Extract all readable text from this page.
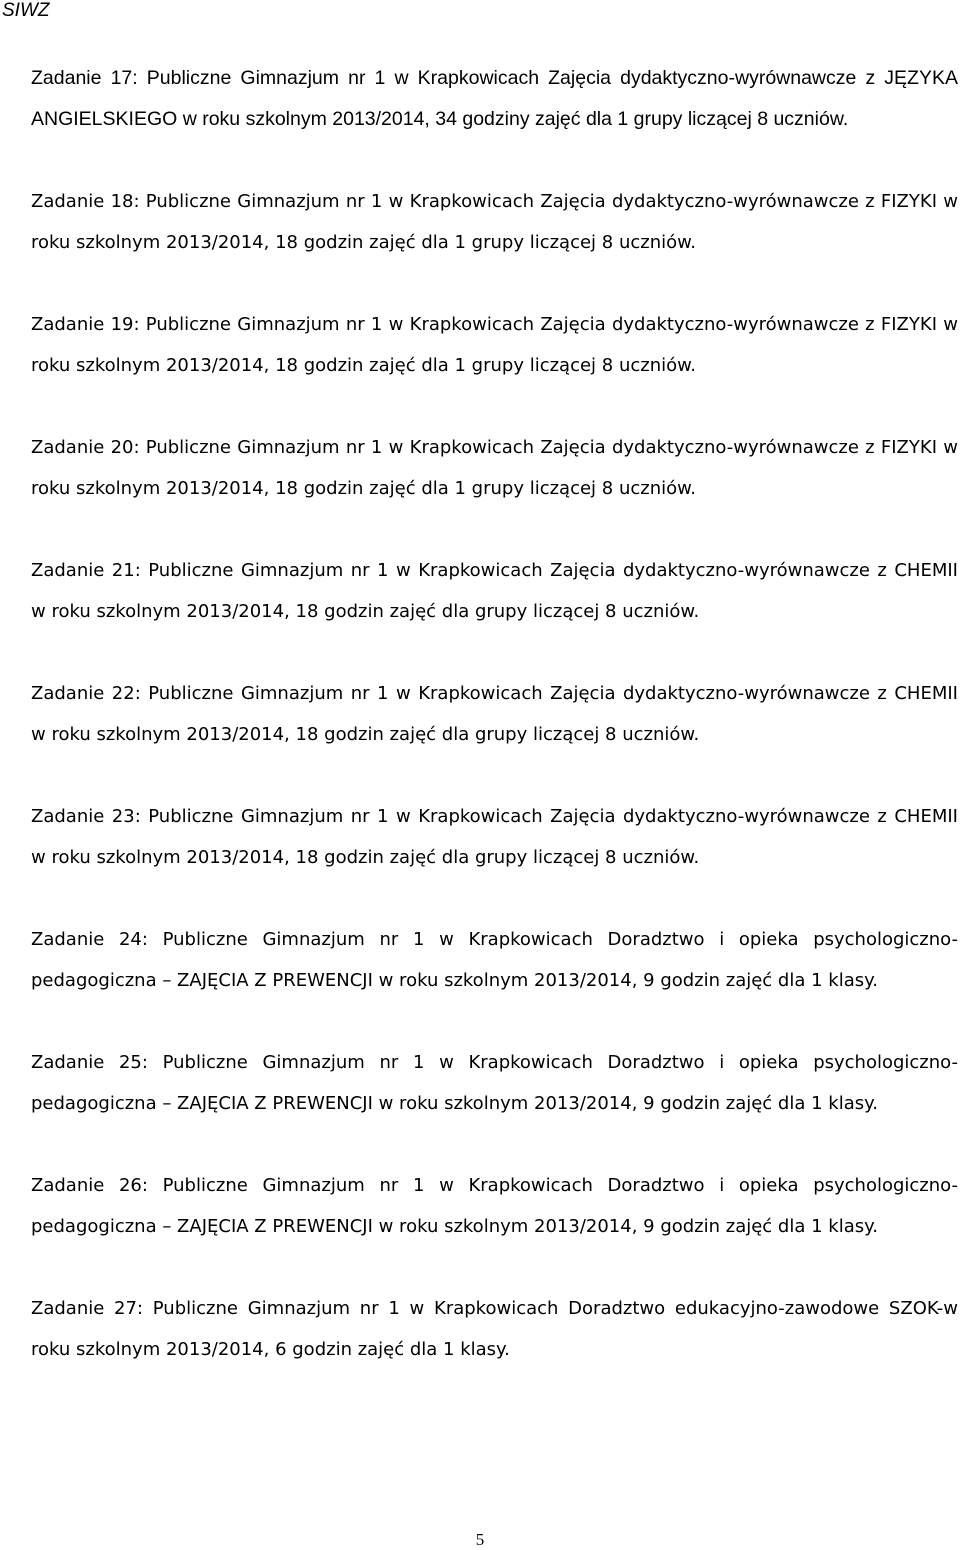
SIWZ

Zadanie 17: Publiczne Gimnazjum nr 1 w Krapkowicach Zajęcia dydaktyczno-wyrównawcze z JĘZYKA ANGIELSKIEGO w roku szkolnym 2013/2014, 34 godziny zajęć dla 1 grupy liczącej 8 uczniów.

Zadanie 18: Publiczne Gimnazjum nr 1 w Krapkowicach Zajęcia dydaktyczno-wyrównawcze z FIZYKI w roku szkolnym 2013/2014, 18 godzin zajęć dla 1 grupy liczącej 8 uczniów.

Zadanie 19: Publiczne Gimnazjum nr 1 w Krapkowicach Zajęcia dydaktyczno-wyrównawcze z FIZYKI w roku szkolnym 2013/2014, 18 godzin zajęć dla 1 grupy liczącej 8 uczniów.

Zadanie 20: Publiczne Gimnazjum nr 1 w Krapkowicach Zajęcia dydaktyczno-wyrównawcze z FIZYKI w roku szkolnym 2013/2014, 18 godzin zajęć dla 1 grupy liczącej 8 uczniów.

Zadanie 21: Publiczne Gimnazjum nr 1 w Krapkowicach Zajęcia dydaktyczno-wyrównawcze z CHEMII w roku szkolnym 2013/2014, 18 godzin zajęć dla grupy liczącej 8 uczniów.

Zadanie 22: Publiczne Gimnazjum nr 1 w Krapkowicach Zajęcia dydaktyczno-wyrównawcze z CHEMII w roku szkolnym 2013/2014, 18 godzin zajęć dla grupy liczącej 8 uczniów.

Zadanie 23: Publiczne Gimnazjum nr 1 w Krapkowicach Zajęcia dydaktyczno-wyrównawcze z CHEMII w roku szkolnym 2013/2014, 18 godzin zajęć dla grupy liczącej 8 uczniów.

Zadanie 24: Publiczne Gimnazjum nr 1 w Krapkowicach Doradztwo i opieka psychologiczno-pedagogiczna – ZAJĘCIA Z PREWENCJI w roku szkolnym 2013/2014, 9 godzin zajęć dla 1 klasy.

Zadanie 25: Publiczne Gimnazjum nr 1 w Krapkowicach Doradztwo i opieka psychologiczno-pedagogiczna – ZAJĘCIA Z PREWENCJI w roku szkolnym 2013/2014, 9 godzin zajęć dla 1 klasy.

Zadanie 26: Publiczne Gimnazjum nr 1 w Krapkowicach Doradztwo i opieka psychologiczno-pedagogiczna – ZAJĘCIA Z PREWENCJI w roku szkolnym 2013/2014, 9 godzin zajęć dla 1 klasy.

Zadanie 27: Publiczne Gimnazjum nr 1 w Krapkowicach Doradztwo edukacyjno-zawodowe SZOK-w roku szkolnym 2013/2014, 6 godzin zajęć dla 1 klasy.

5
